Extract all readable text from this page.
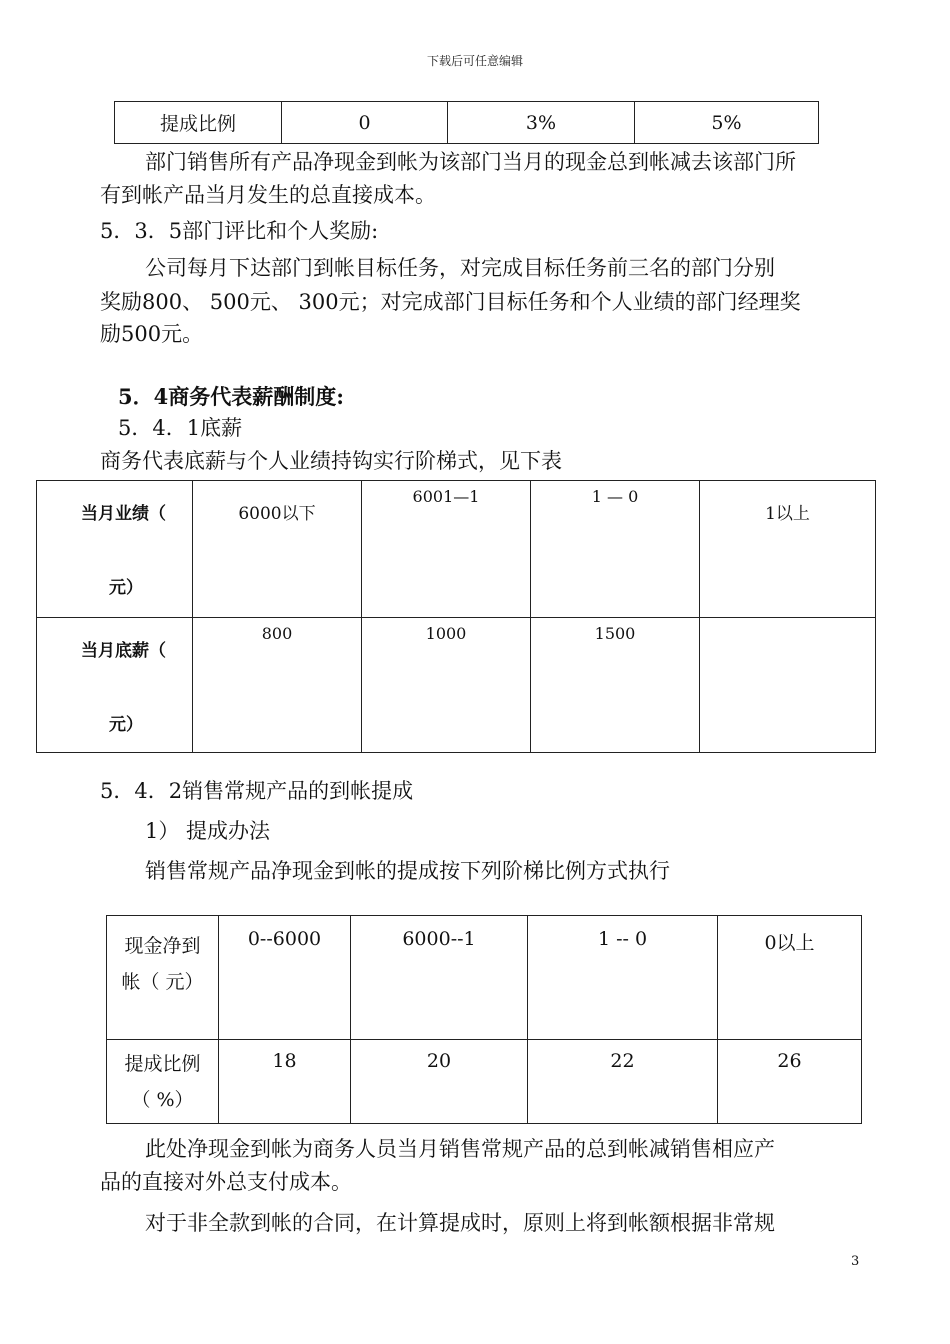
下载后可任意编辑
提成比例	0	3%	5%
部门销售所有产品净现金到帐为该部门当月的现金总到帐减去该部门所
有到帐产品当月发生的总直接成本。
5．3．5部门评比和个人奖励:
公司每月下达部门到帐目标任务，对完成目标任务前三名的部门分别
奖励800、 500元、 300元；对完成部门目标任务和个人业绩的部门经理奖
励500元。
5．4商务代表薪酬制度:
5．4．1底薪
商务代表底薪与个人业绩持钩实行阶梯式，见下表
当月业绩（
元）	6000以下	6001—1	1 — 0	1以上

当月底薪（
元）	800	1000	1500	
5．4．2销售常规产品的到帐提成
1） 提成办法
销售常规产品净现金到帐的提成按下列阶梯比例方式执行
现金净到
帐（ 元）	0--6000	6000--1	1 -- 0	0以上

提成比例
（ %）	18	20	22	26
此处净现金到帐为商务人员当月销售常规产品的总到帐减销售相应产
品的直接对外总支付成本。
对于非全款到帐的合同，在计算提成时，原则上将到帐额根据非常规
3
